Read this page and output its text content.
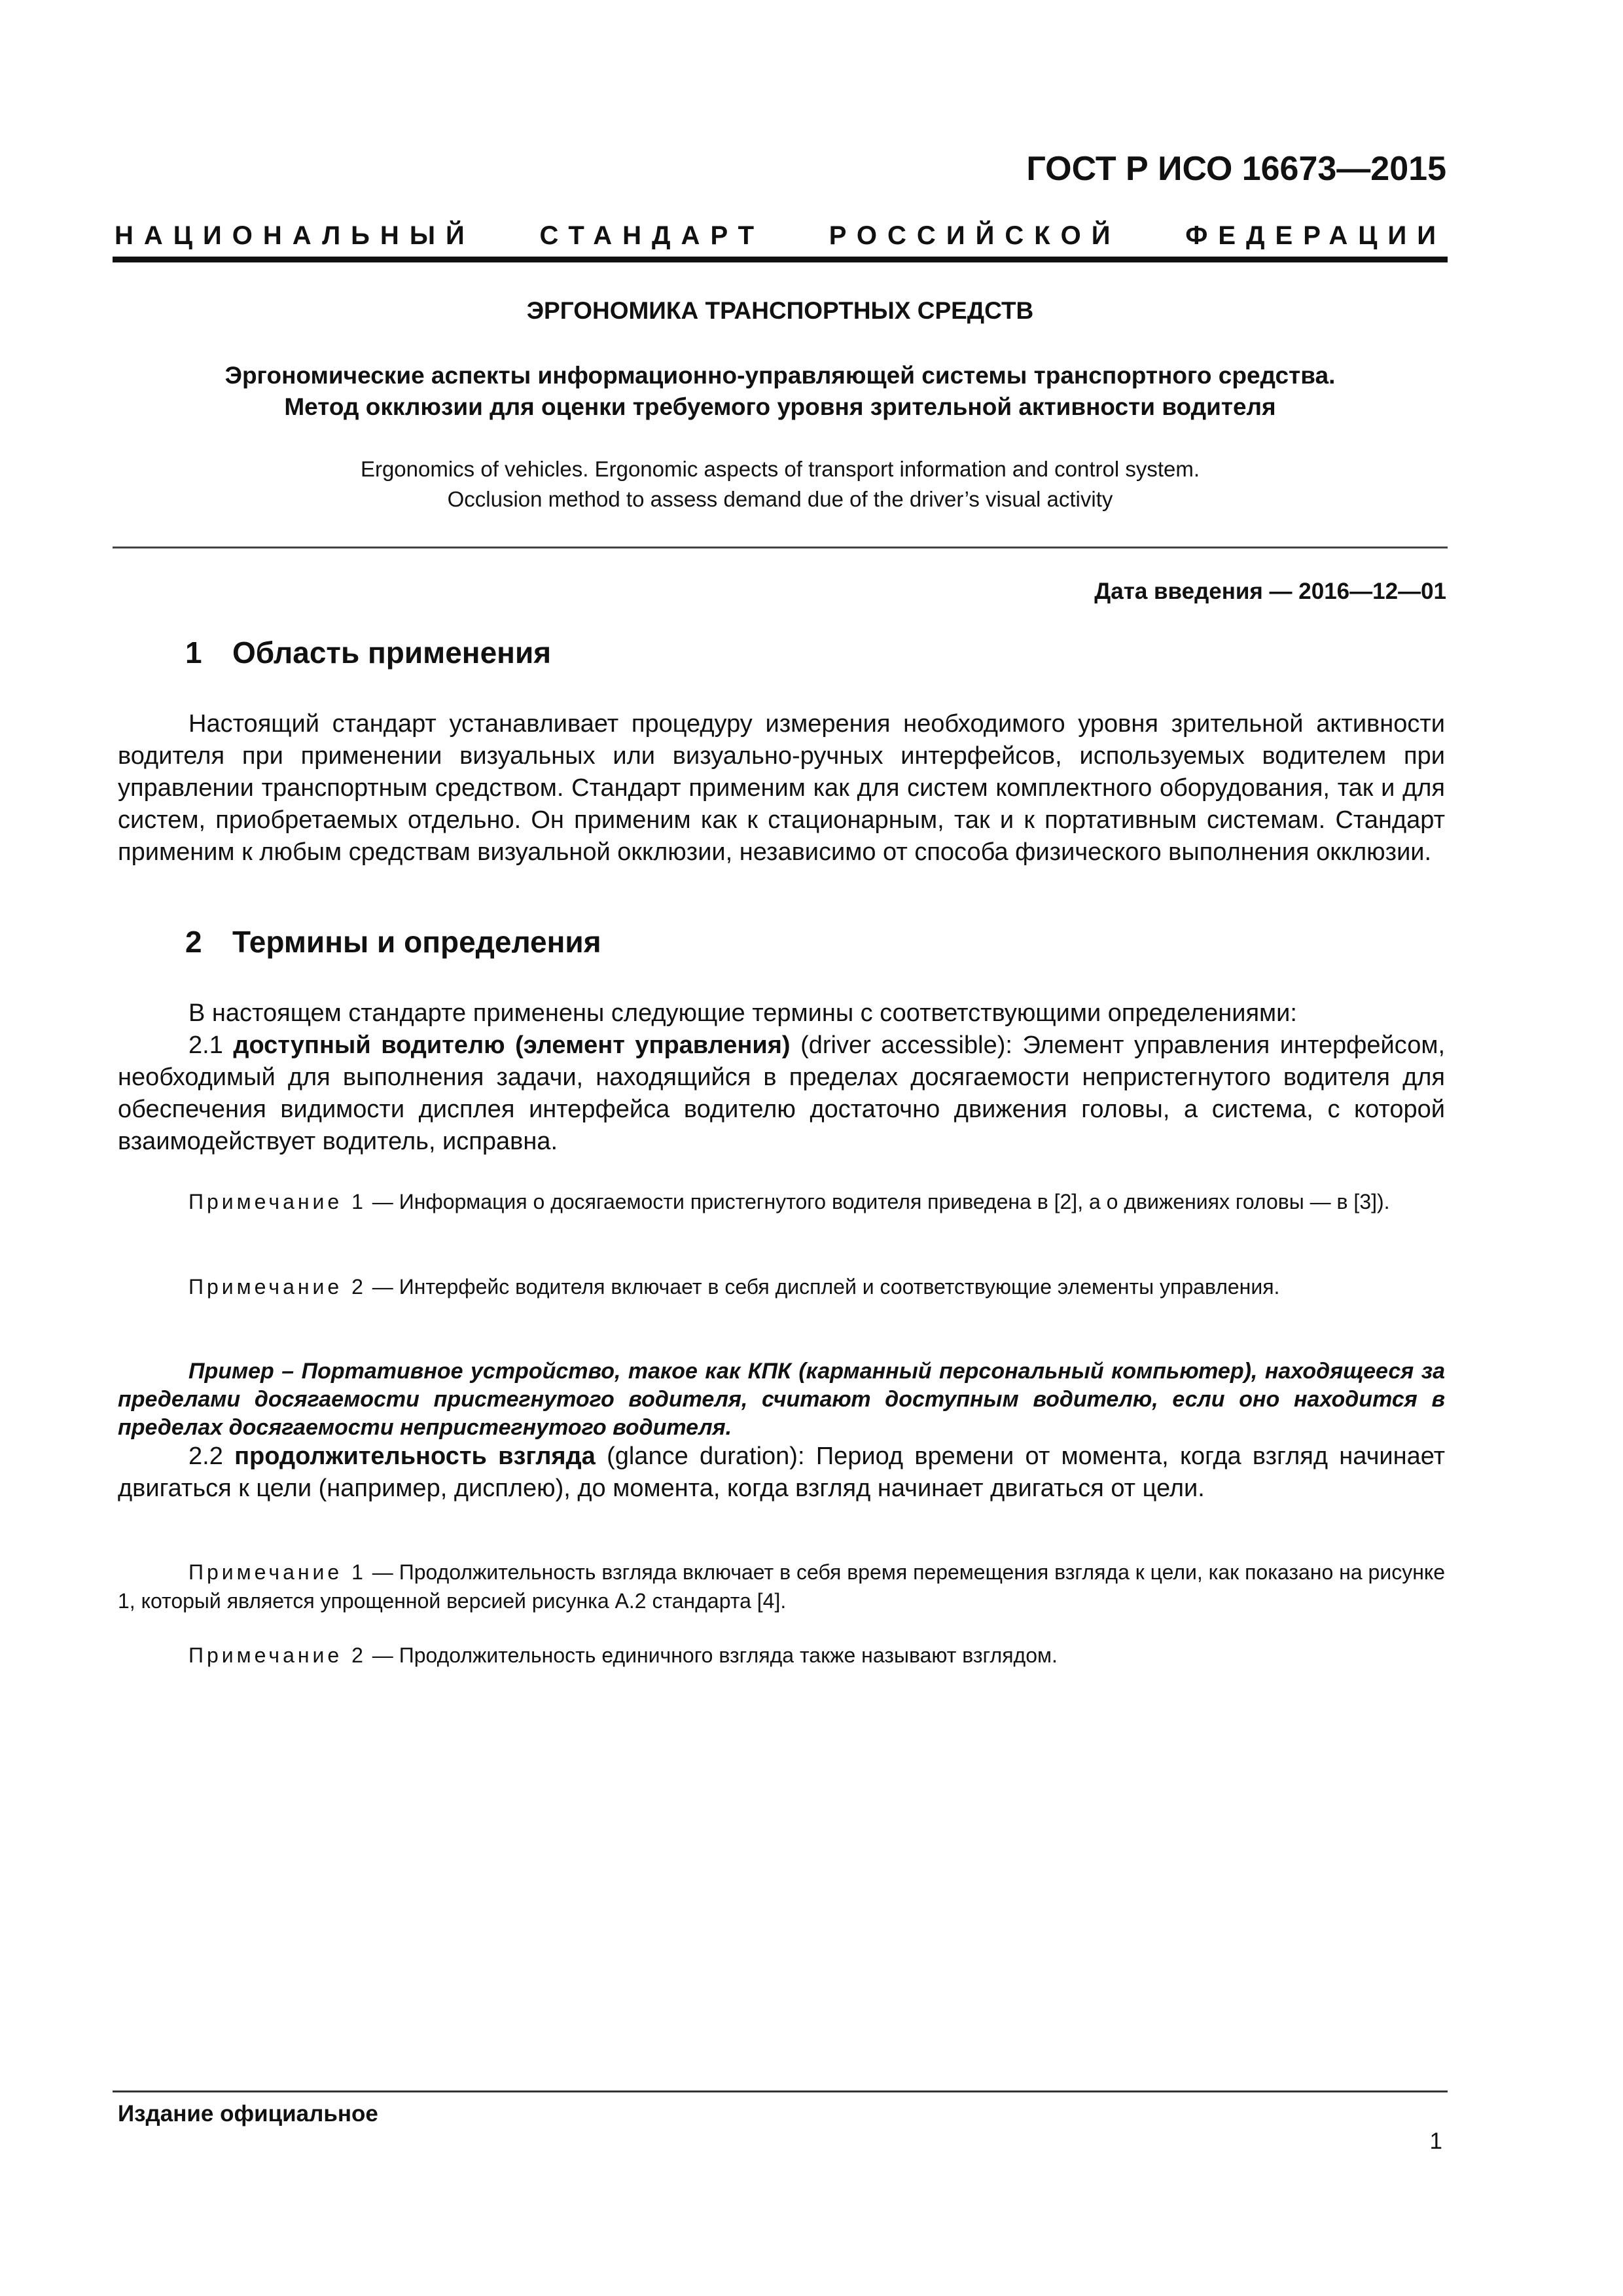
ГОСТ Р ИСО 16673—2015
НАЦИОНАЛЬНЫЙ СТАНДАРТ РОССИЙСКОЙ ФЕДЕРАЦИИ
ЭРГОНОМИКА ТРАНСПОРТНЫХ СРЕДСТВ
Эргономические аспекты информационно-управляющей системы транспортного средства.
Метод окклюзии для оценки требуемого уровня зрительной активности водителя
Ergonomics of vehicles. Ergonomic aspects of transport information and control system.
Occlusion method to assess demand due of the driver’s visual activity
Дата введения — 2016—12—01
1 Область применения

Настоящий стандарт устанавливает процедуру измерения необходимого уровня зрительной активности водителя при применении визуальных или визуально-ручных интерфейсов, используемых водителем при управлении транспортным средством. Стандарт применим как для систем комплектного оборудования, так и для систем, приобретаемых отдельно. Он применим как к стационарным, так и к портативным системам. Стандарт применим к любым средствам визуальной окклюзии, независимо от способа физического выполнения окклюзии.

2 Термины и определения

В настоящем стандарте применены следующие термины с соответствующими определениями:

2.1 доступный водителю (элемент управления) (driver accessible): Элемент управления интерфейсом, необходимый для выполнения задачи, находящийся в пределах досягаемости непристегнутого водителя для обеспечения видимости дисплея интерфейса водителю достаточно движения головы, а система, с которой взаимодействует водитель, исправна.

Примечание 1 — Информация о досягаемости пристегнутого водителя приведена в [2], а о движениях головы — в [3]).

Примечание 2 — Интерфейс водителя включает в себя дисплей и соответствующие элементы управления.

Пример – Портативное устройство, такое как КПК (карманный персональный компьютер), находящееся за пределами досягаемости пристегнутого водителя, считают доступным водителю, если оно находится в пределах досягаемости непристегнутого водителя.

2.2 продолжительность взгляда (glance duration): Период времени от момента, когда взгляд начинает двигаться к цели (например, дисплею), до момента, когда взгляд начинает двигаться от цели.

Примечание 1 — Продолжительность взгляда включает в себя время перемещения взгляда к цели, как показано на рисунке 1, который является упрощенной версией рисунка А.2 стандарта [4].

Примечание 2 — Продолжительность единичного взгляда также называют взглядом.

Издание официальное
1
